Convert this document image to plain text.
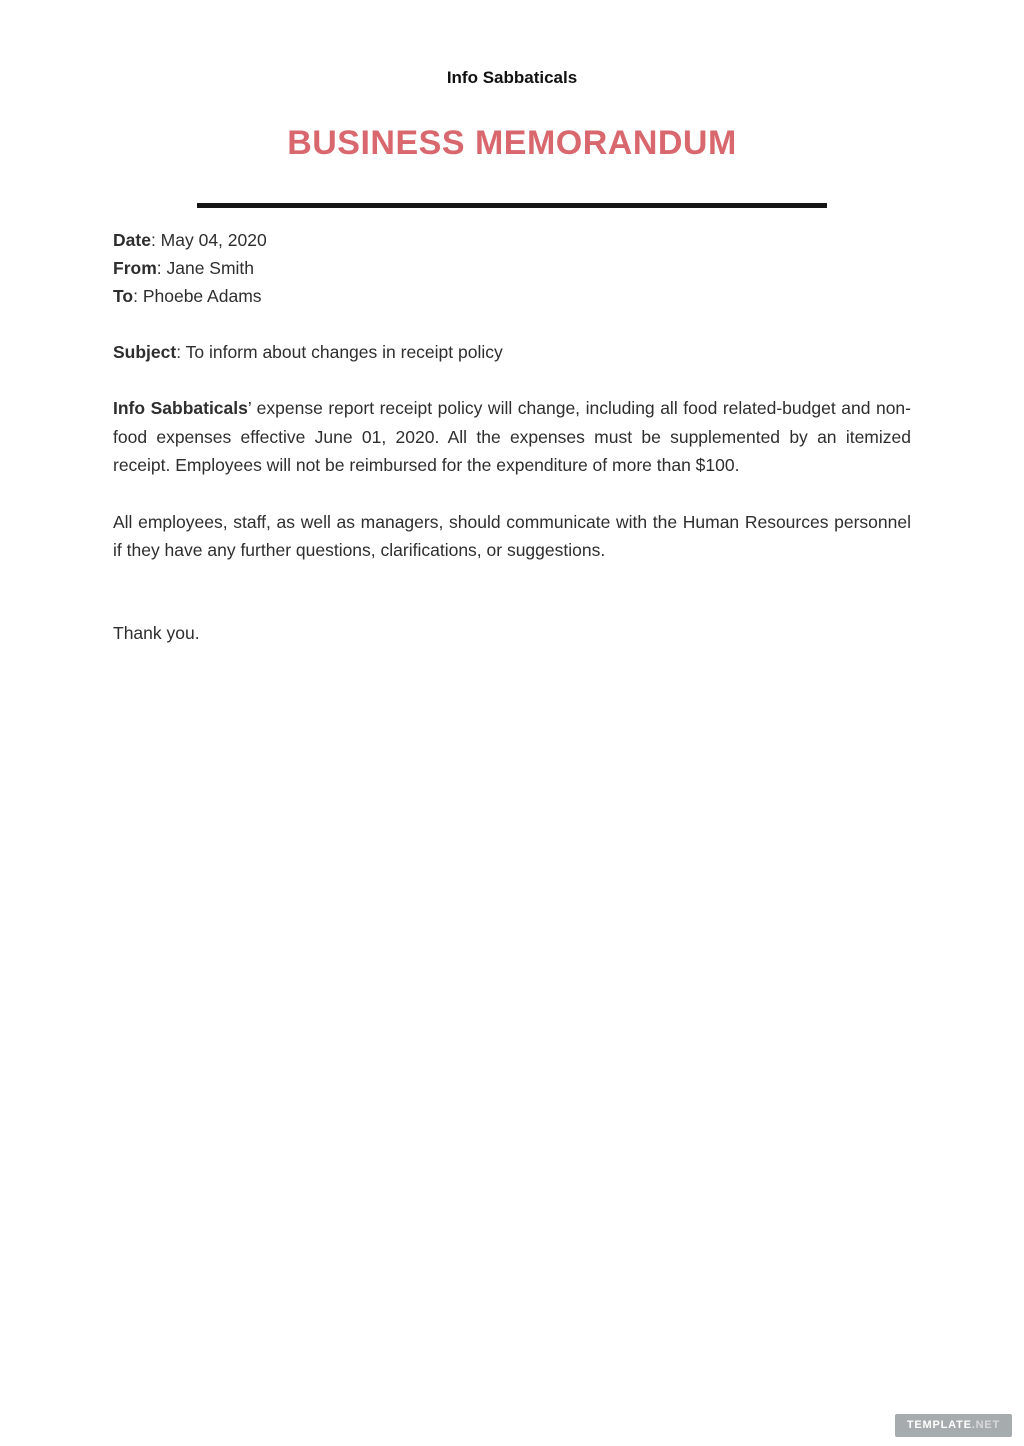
Info Sabbaticals
BUSINESS MEMORANDUM
Date: May 04, 2020
From: Jane Smith
To: Phoebe Adams
Subject: To inform about changes in receipt policy

Info Sabbaticals’ expense report receipt policy will change, including all food related-budget and non-food expenses effective June 01, 2020. All the expenses must be supplemented by an itemized receipt. Employees will not be reimbursed for the expenditure of more than $100.

All employees, staff, as well as managers, should communicate with the Human Resources personnel if they have any further questions, clarifications, or suggestions.

Thank you.
TEMPLATE.NET
